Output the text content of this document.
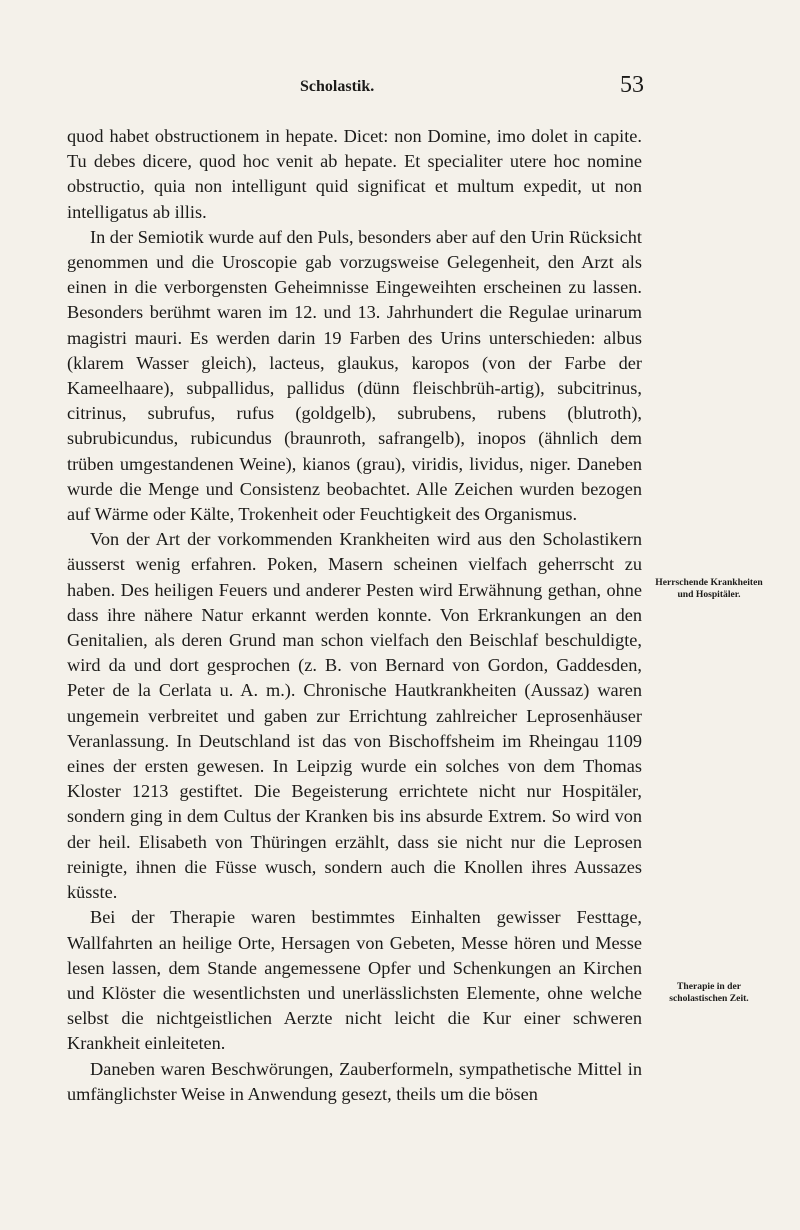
Scholastik.	53

quod habet obstructionem in hepate. Dicet: non Domine, imo dolet in capite. Tu debes dicere, quod hoc venit ab hepate. Et specialiter utere hoc nomine obstructio, quia non intelligunt quid significat et multum expedit, ut non intelligatus ab illis.

In der Semiotik wurde auf den Puls, besonders aber auf den Urin Rücksicht genommen und die Uroscopie gab vorzugsweise Gelegenheit, den Arzt als einen in die verborgensten Geheimnisse Eingeweihten erscheinen zu lassen. Besonders berühmt waren im 12. und 13. Jahrhundert die Regulae urinarum magistri mauri. Es werden darin 19 Farben des Urins unterschieden: albus (klarem Wasser gleich), lacteus, glaukus, karopos (von der Farbe der Kameelhaare), subpallidus, pallidus (dünn fleischbrüh-artig), subcitrinus, citrinus, subrufus, rufus (goldgelb), subrubens, rubens (blutroth), subrubicundus, rubicundus (braunroth, safrangelb), inopos (ähnlich dem trüben umgestandenen Weine), kianos (grau), viridis, lividus, niger. Daneben wurde die Menge und Consistenz beobachtet. Alle Zeichen wurden bezogen auf Wärme oder Kälte, Trokenheit oder Feuchtigkeit des Organismus.

Von der Art der vorkommenden Krankheiten wird aus den Scholastikern äusserst wenig erfahren. Poken, Masern scheinen vielfach geherrscht zu haben. Des heiligen Feuers und anderer Pesten wird Erwähnung gethan, ohne dass ihre nähere Natur erkannt werden konnte. Von Erkrankungen an den Genitalien, als deren Grund man schon vielfach den Beischlaf beschuldigte, wird da und dort gesprochen (z. B. von Bernard von Gordon, Gaddesden, Peter de la Cerlata u. A. m.). Chronische Hautkrankheiten (Aussaz) waren ungemein verbreitet und gaben zur Errichtung zahlreicher Leprosenhäuser Veranlassung. In Deutschland ist das von Bischoffsheim im Rheingau 1109 eines der ersten gewesen. In Leipzig wurde ein solches von dem Thomas Kloster 1213 gestiftet. Die Begeisterung errichtete nicht nur Hospitäler, sondern ging in dem Cultus der Kranken bis ins absurde Extrem. So wird von der heil. Elisabeth von Thüringen erzählt, dass sie nicht nur die Leprosen reinigte, ihnen die Füsse wusch, sondern auch die Knollen ihres Aussazes küsste.

Bei der Therapie waren bestimmtes Einhalten gewisser Festtage, Wallfahrten an heilige Orte, Hersagen von Gebeten, Messe hören und Messe lesen lassen, dem Stande angemessene Opfer und Schenkungen an Kirchen und Klöster die wesentlichsten und unerlässlichsten Elemente, ohne welche selbst die nichtgeistlichen Aerzte nicht leicht die Kur einer schweren Krankheit einleiteten.

Daneben waren Beschwörungen, Zauberformeln, sympathetische Mittel in umfänglichster Weise in Anwendung gesezt, theils um die bösen

Herrschende Krankheiten und Hospitäler.
Therapie in der scholastischen Zeit.
